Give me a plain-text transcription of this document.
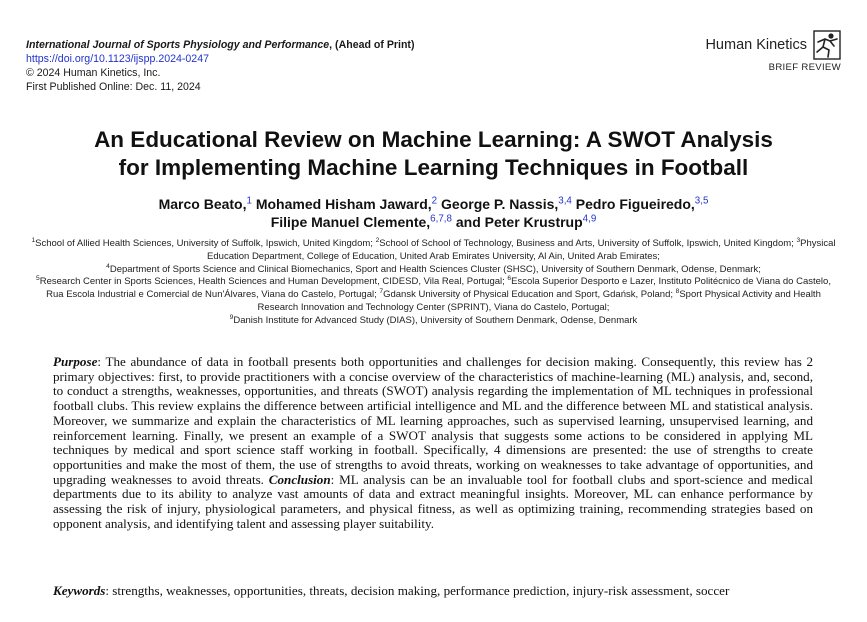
International Journal of Sports Physiology and Performance, (Ahead of Print)
https://doi.org/10.1123/ijspp.2024-0247
© 2024 Human Kinetics, Inc.
First Published Online: Dec. 11, 2024
Human Kinetics
BRIEF REVIEW
An Educational Review on Machine Learning: A SWOT Analysis
for Implementing Machine Learning Techniques in Football
Marco Beato,$^1$ Mohamed Hisham Jaward,$^2$ George P. Nassis,$^{3,4}$ Pedro Figueiredo,$^{3,5}$
Filipe Manuel Clemente,$^{6,7,8}$ and Peter Krustrup$^{4,9}$
$^1$School of Allied Health Sciences, University of Suffolk, Ipswich, United Kingdom; $^2$School of School of Technology, Business and Arts, University of Suffolk, Ipswich, United Kingdom; $^3$Physical Education Department, College of Education, United Arab Emirates University, Al Ain, United Arab Emirates;
$^4$Department of Sports Science and Clinical Biomechanics, Sport and Health Sciences Cluster (SHSC), University of Southern Denmark, Odense, Denmark;
$^5$Research Center in Sports Sciences, Health Sciences and Human Development, CIDESD, Vila Real, Portugal; $^6$Escola Superior Desporto e Lazer, Instituto Politécnico de Viana do Castelo, Rua Escola Industrial e Comercial de Nun'Álvares, Viana do Castelo, Portugal; $^7$Gdansk University of Physical Education and Sport, Gdańsk, Poland; $^8$Sport Physical Activity and Health Research Innovation and Technology Center (SPRINT), Viana do Castelo, Portugal;
$^9$Danish Institute for Advanced Study (DIAS), University of Southern Denmark, Odense, Denmark
Purpose: The abundance of data in football presents both opportunities and challenges for decision making. Consequently, this review has 2 primary objectives: first, to provide practitioners with a concise overview of the characteristics of machine-learning (ML) analysis, and, second, to conduct a strengths, weaknesses, opportunities, and threats (SWOT) analysis regarding the implementation of ML techniques in professional football clubs. This review explains the difference between artificial intelligence and ML and the difference between ML and statistical analysis. Moreover, we summarize and explain the characteristics of ML learning approaches, such as supervised learning, unsupervised learning, and reinforcement learning. Finally, we present an example of a SWOT analysis that suggests some actions to be considered in applying ML techniques by medical and sport science staff working in football. Specifically, 4 dimensions are presented: the use of strengths to create opportunities and make the most of them, the use of strengths to avoid threats, working on weaknesses to take advantage of opportunities, and upgrading weaknesses to avoid threats. Conclusion: ML analysis can be an invaluable tool for football clubs and sport-science and medical departments due to its ability to analyze vast amounts of data and extract meaningful insights. Moreover, ML can enhance performance by assessing the risk of injury, physiological parameters, and physical fitness, as well as optimizing training, recommending strategies based on opponent analysis, and identifying talent and assessing player suitability.
Keywords: strengths, weaknesses, opportunities, threats, decision making, performance prediction, injury-risk assessment, soccer
